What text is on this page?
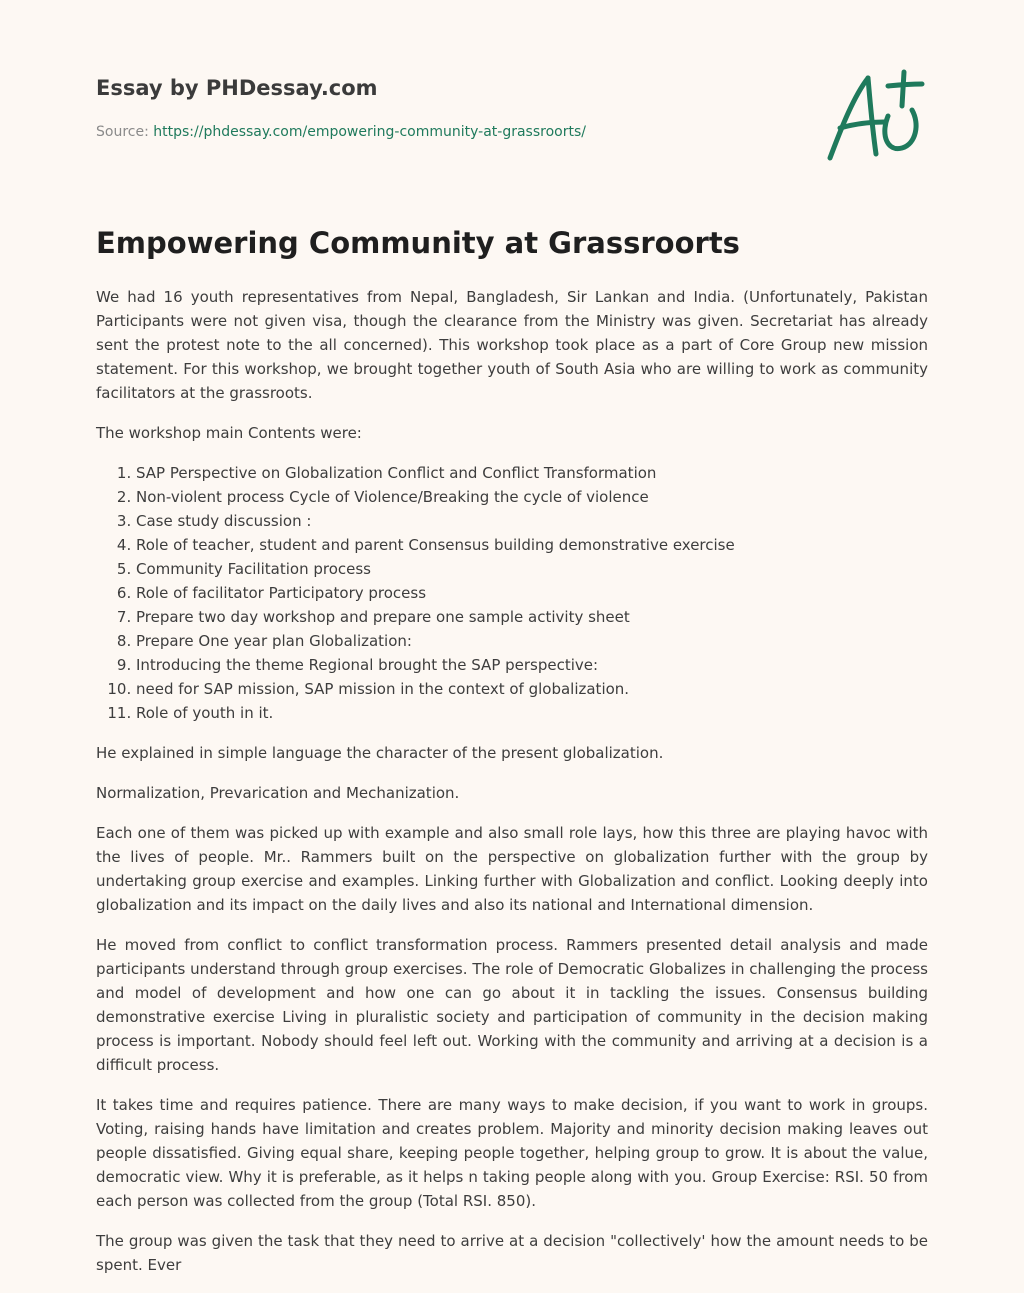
Essay by PHDessay.com
Source: https://phdessay.com/empowering-community-at-grassroorts/
Empowering Community at Grassroorts

We had 16 youth representatives from Nepal, Bangladesh, Sir Lankan and India. (Unfortunately, Pakistan Participants were not given visa, though the clearance from the Ministry was given. Secretariat has already sent the protest note to the all concerned). This workshop took place as a part of Core Group new mission statement. For this workshop, we brought together youth of South Asia who are willing to work as community facilitators at the grassroots.

The workshop main Contents were:

1. SAP Perspective on Globalization Conflict and Conflict Transformation
2. Non-violent process Cycle of Violence/Breaking the cycle of violence
3. Case study discussion :
4. Role of teacher, student and parent Consensus building demonstrative exercise
5. Community Facilitation process
6. Role of facilitator Participatory process
7. Prepare two day workshop and prepare one sample activity sheet
8. Prepare One year plan Globalization:
9. Introducing the theme Regional brought the SAP perspective:
10. need for SAP mission, SAP mission in the context of globalization.
11. Role of youth in it.

He explained in simple language the character of the present globalization.

Normalization, Prevarication and Mechanization.

Each one of them was picked up with example and also small role lays, how this three are playing havoc with the lives of people. Mr.. Rammers built on the perspective on globalization further with the group by undertaking group exercise and examples. Linking further with Globalization and conflict. Looking deeply into globalization and its impact on the daily lives and also its national and International dimension.

He moved from conflict to conflict transformation process. Rammers presented detail analysis and made participants understand through group exercises. The role of Democratic Globalizes in challenging the process and model of development and how one can go about it in tackling the issues. Consensus building demonstrative exercise Living in pluralistic society and participation of community in the decision making process is important. Nobody should feel left out. Working with the community and arriving at a decision is a difficult process.

It takes time and requires patience. There are many ways to make decision, if you want to work in groups. Voting, raising hands have limitation and creates problem. Majority and minority decision making leaves out people dissatisfied. Giving equal share, keeping people together, helping group to grow. It is about the value, democratic view. Why it is preferable, as it helps n taking people along with you. Group Exercise: RSI. 50 from each person was collected from the group (Total RSI. 850).

The group was given the task that they need to arrive at a decision "collectively' how the amount needs to be spent. Ever
